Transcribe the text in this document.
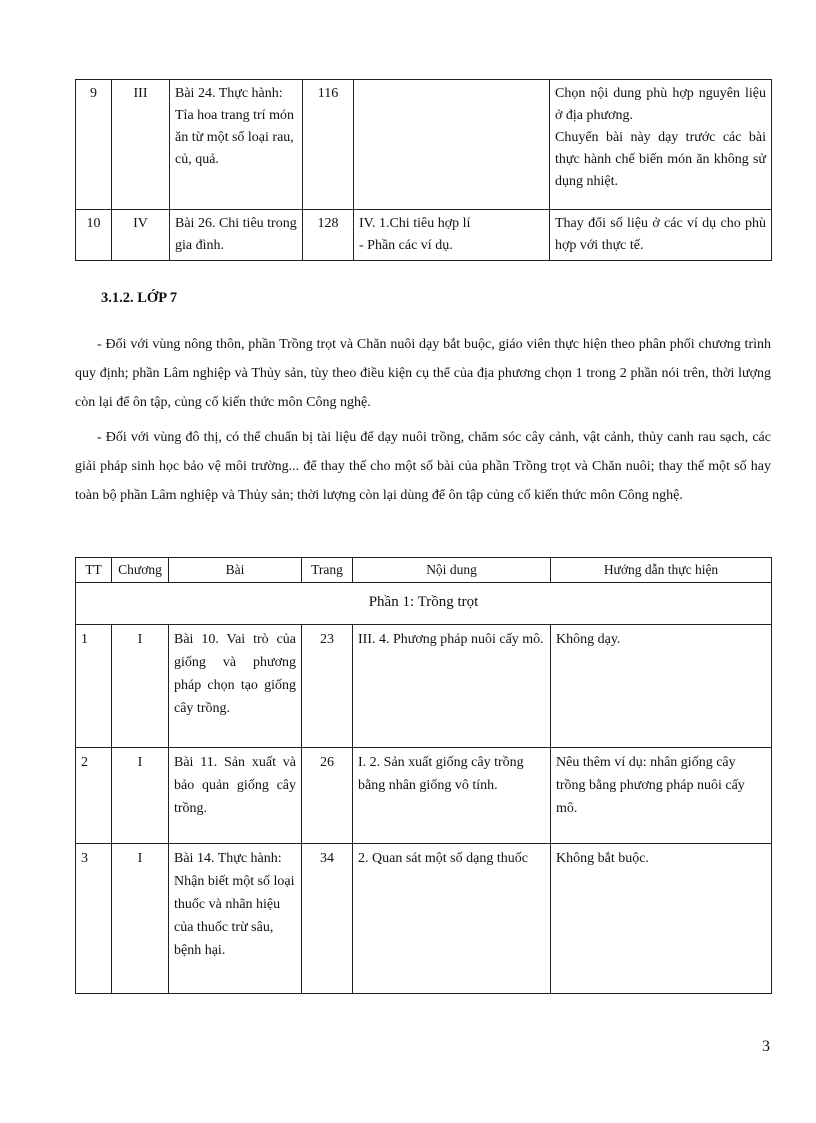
9	III	Bài 24. Thực hành: Tỉa hoa trang trí món ăn từ một số loại rau, củ, quả.	116		Chọn nội dung phù hợp nguyên liệu ở địa phương.
Chuyển bài này dạy trước các bài thực hành chế biến món ăn không sử dụng nhiệt.
10	IV	Bài 26. Chi tiêu trong gia đình.	128	IV. 1.Chi tiêu hợp lí
- Phần các ví dụ.	Thay đổi số liệu ở các ví dụ cho phù hợp với thực tế.
3.1.2. LỚP 7

- Đối với vùng nông thôn, phần Trồng trọt và Chăn nuôi dạy bắt buộc, giáo viên thực hiện theo phân phối chương trình quy định; phần Lâm nghiệp và Thủy sản, tùy theo điều kiện cụ thể của địa phương chọn 1 trong 2 phần nói trên, thời lượng còn lại để ôn tập, củng cố kiến thức môn Công nghệ.

- Đối với vùng đô thị, có thể chuẩn bị tài liệu để dạy nuôi trồng, chăm sóc cây cảnh, vật cảnh, thủy canh rau sạch, các giải pháp sinh học bảo vệ môi trường... để thay thế cho một số bài của phần Trồng trọt và Chăn nuôi; thay thế một số hay toàn bộ phần Lâm nghiệp và Thủy sản; thời lượng còn lại dùng để ôn tập củng cố kiến thức môn Công nghệ.

TT	Chương	Bài	Trang	Nội dung	Hướng dẫn thực hiện
Phần 1: Trồng trọt					
1	I	Bài 10. Vai trò của giống và phương pháp chọn tạo giống cây trồng.	23	III. 4. Phương pháp nuôi cấy mô.	Không dạy.
2	I	Bài 11. Sản xuất và bảo quản giống cây trồng.	26	I. 2. Sản xuất giống cây trồng bằng nhân giống vô tính.	Nêu thêm ví dụ: nhân giống cây trồng bằng phương pháp nuôi cấy mô.
3	I	Bài 14. Thực hành: Nhận biết một số loại thuốc và nhãn hiệu của thuốc trừ sâu, bệnh hại.	34	2. Quan sát một số dạng thuốc	Không bắt buộc.
3
